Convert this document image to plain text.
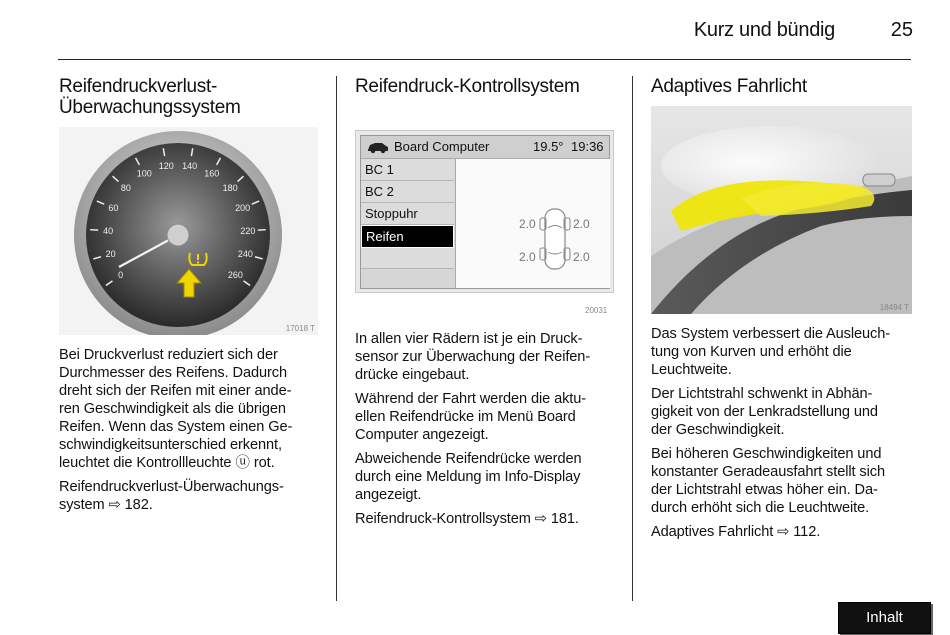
Kurz und bündig	25
Reifendruckverlust-
Überwachungssystem
0
20
40
60
80
100
120 140
160
180
200
220
240
260
17018 T

Bei Druckverlust reduziert sich der
Durchmesser des Reifens. Dadurch
dreht sich der Reifen mit einer ande-
ren Geschwindigkeit als die übrigen
Reifen. Wenn das System einen Ge-
schwindigkeitsunterschied erkennt,
leuchtet die Kontrollleuchte ⓤ rot.

Reifendruckverlust-Überwachungs-
system ⇨ 182.

Reifendruck-Kontrollsystem
Board Computer	19.5° 19:36
BC 1
BC 2
Stoppuhr
Reifen
2.0	2.0
2.0	2.0
20031

In allen vier Rädern ist je ein Druck-
sensor zur Überwachung der Reifen-
drücke eingebaut.

Während der Fahrt werden die aktu-
ellen Reifendrücke im Menü Board
Computer angezeigt.

Abweichende Reifendrücke werden
durch eine Meldung im Info-Display
angezeigt.

Reifendruck-Kontrollsystem ⇨ 181.

Adaptives Fahrlicht
18494 T

Das System verbessert die Ausleuch-
tung von Kurven und erhöht die
Leuchtweite.

Der Lichtstrahl schwenkt in Abhän-
gigkeit von der Lenkradstellung und
der Geschwindigkeit.

Bei höheren Geschwindigkeiten und
konstanter Geradeausfahrt stellt sich
der Lichtstrahl etwas höher ein. Da-
durch erhöht sich die Leuchtweite.

Adaptives Fahrlicht ⇨ 112.

Inhalt
